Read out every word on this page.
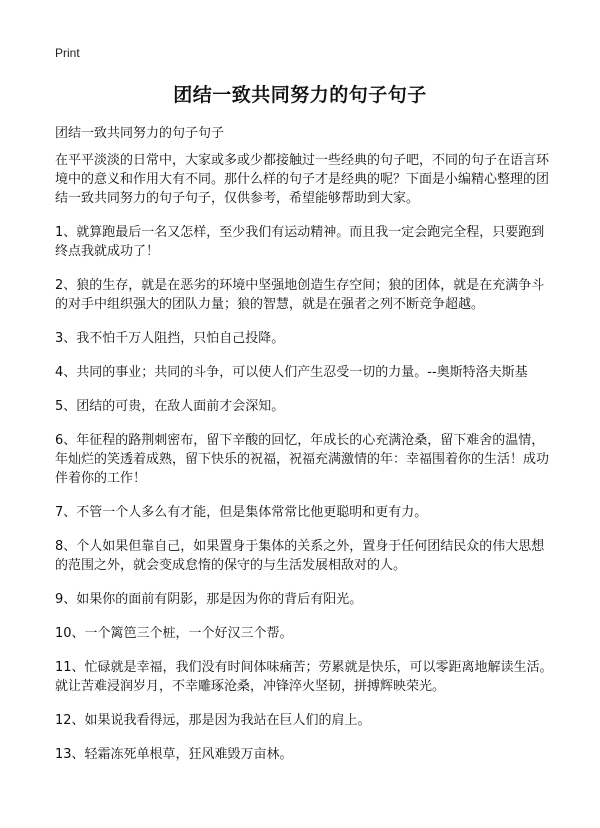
Print
团结一致共同努力的句子句子

团结一致共同努力的句子句子

在平平淡淡的日常中，大家或多或少都接触过一些经典的句子吧，不同的句子在语言环境中的意义和作用大有不同。那什么样的句子才是经典的呢？下面是小编精心整理的团结一致共同努力的句子句子，仅供参考，希望能够帮助到大家。

1、就算跑最后一名又怎样，至少我们有运动精神。而且我一定会跑完全程，只要跑到终点我就成功了！

2、狼的生存，就是在恶劣的环境中坚强地创造生存空间；狼的团体，就是在充满争斗的对手中组织强大的团队力量；狼的智慧，就是在强者之列不断竞争超越。

3、我不怕千万人阻挡，只怕自己投降。

4、共同的事业；共同的斗争，可以使人们产生忍受一切的力量。--奥斯特洛夫斯基

5、团结的可贵，在敌人面前才会深知。

6、年征程的路荆刺密布，留下辛酸的回忆，年成长的心充满沧桑，留下难舍的温情，年灿烂的笑透着成熟，留下快乐的祝福，祝福充满激情的年：幸福围着你的生活！成功伴着你的工作！

7、不管一个人多么有才能，但是集体常常比他更聪明和更有力。

8、个人如果但靠自己，如果置身于集体的关系之外，置身于任何团结民众的伟大思想的范围之外，就会变成怠惰的保守的与生活发展相敌对的人。

9、如果你的面前有阴影，那是因为你的背后有阳光。

10、一个篱笆三个桩，一个好汉三个帮。

11、忙碌就是幸福，我们没有时间体味痛苦；劳累就是快乐，可以零距离地解读生活。就让苦难浸润岁月，不幸雕琢沧桑，冲锋淬火坚韧，拼搏辉映荣光。

12、如果说我看得远，那是因为我站在巨人们的肩上。

13、轻霜冻死单根草，狂风难毁万亩林。
